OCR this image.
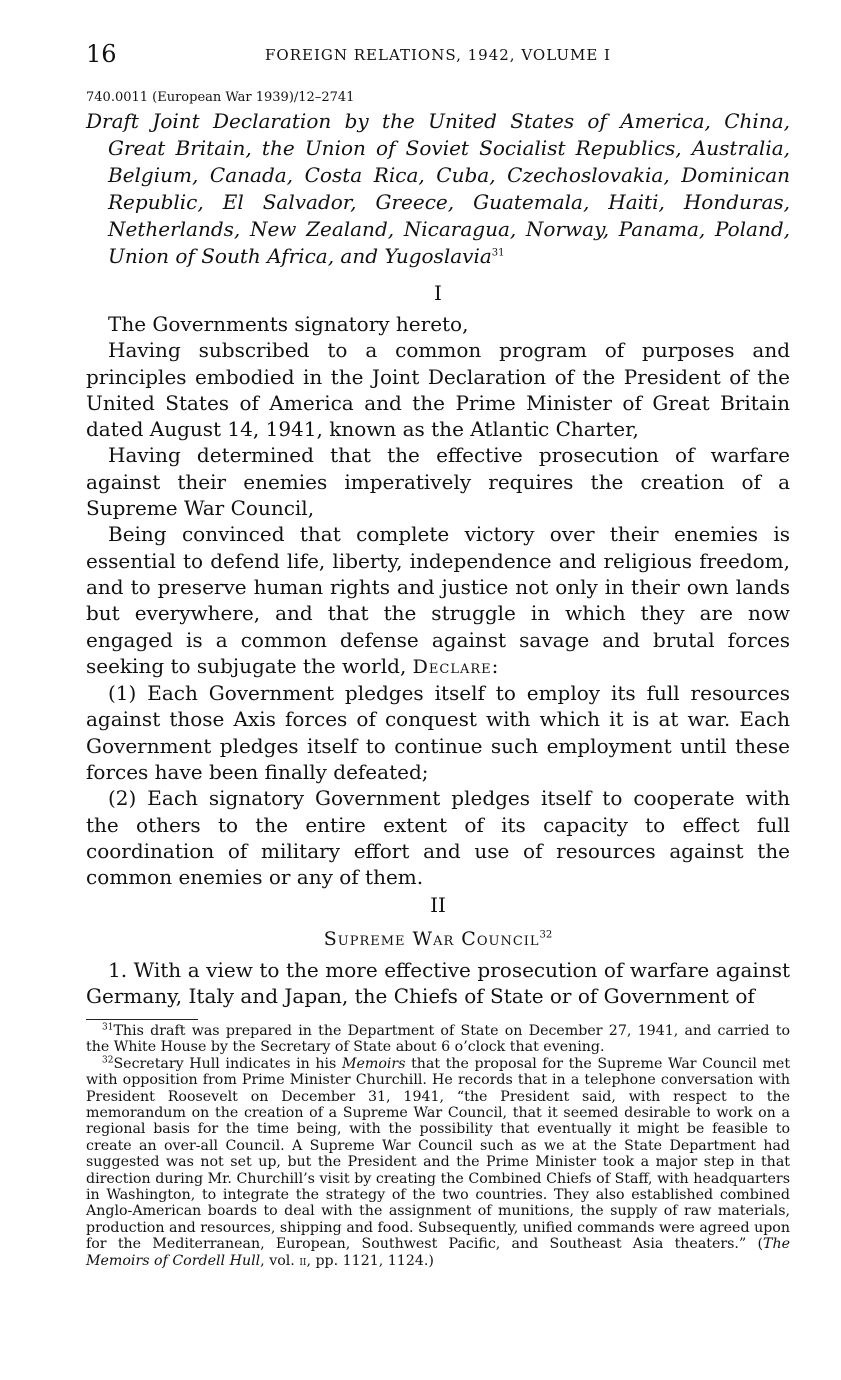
16	FOREIGN RELATIONS, 1942, VOLUME I
740.0011 (European War 1939)/12–2741
Draft Joint Declaration by the United States of America, China, Great Britain, the Union of Soviet Socialist Republics, Australia, Belgium, Canada, Costa Rica, Cuba, Czechoslovakia, Dominican Republic, El Salvador, Greece, Guatemala, Haiti, Honduras, Netherlands, New Zealand, Nicaragua, Norway, Panama, Poland, Union of South Africa, and Yugoslavia$^{31}$
I

The Governments signatory hereto,

Having subscribed to a common program of purposes and principles embodied in the Joint Declaration of the President of the United States of America and the Prime Minister of Great Britain dated August 14, 1941, known as the Atlantic Charter,

Having determined that the effective prosecution of warfare against their enemies imperatively requires the creation of a Supreme War Council,

Being convinced that complete victory over their enemies is essential to defend life, liberty, independence and religious freedom, and to preserve human rights and justice not only in their own lands but everywhere, and that the struggle in which they are now engaged is a common defense against savage and brutal forces seeking to subjugate the world, Declare:

(1) Each Government pledges itself to employ its full resources against those Axis forces of conquest with which it is at war. Each Government pledges itself to continue such employment until these forces have been finally defeated;

(2) Each signatory Government pledges itself to cooperate with the others to the entire extent of its capacity to effect full coordination of military effort and use of resources against the common enemies or any of them.

II
Supreme War Council$^{32}$

1. With a view to the more effective prosecution of warfare against Germany, Italy and Japan, the Chiefs of State or of Government of

$^{31}$This draft was prepared in the Department of State on December 27, 1941, and carried to the White House by the Secretary of State about 6 o’clock that evening.

$^{32}$Secretary Hull indicates in his Memoirs that the proposal for the Supreme War Council met with opposition from Prime Minister Churchill. He records that in a telephone conversation with President Roosevelt on December 31, 1941, “the President said, with respect to the memorandum on the creation of a Supreme War Council, that it seemed desirable to work on a regional basis for the time being, with the possibility that eventually it might be feasible to create an over-all Council. A Supreme War Council such as we at the State Department had suggested was not set up, but the President and the Prime Minister took a major step in that direction during Mr. Churchill’s visit by creating the Combined Chiefs of Staff, with headquarters in Washington, to integrate the strategy of the two countries. They also established combined Anglo-American boards to deal with the assignment of munitions, the supply of raw materials, production and resources, shipping and food. Subsequently, unified commands were agreed upon for the Mediterranean, European, Southwest Pacific, and Southeast Asia theaters.” (The Memoirs of Cordell Hull, vol. ii, pp. 1121, 1124.)
